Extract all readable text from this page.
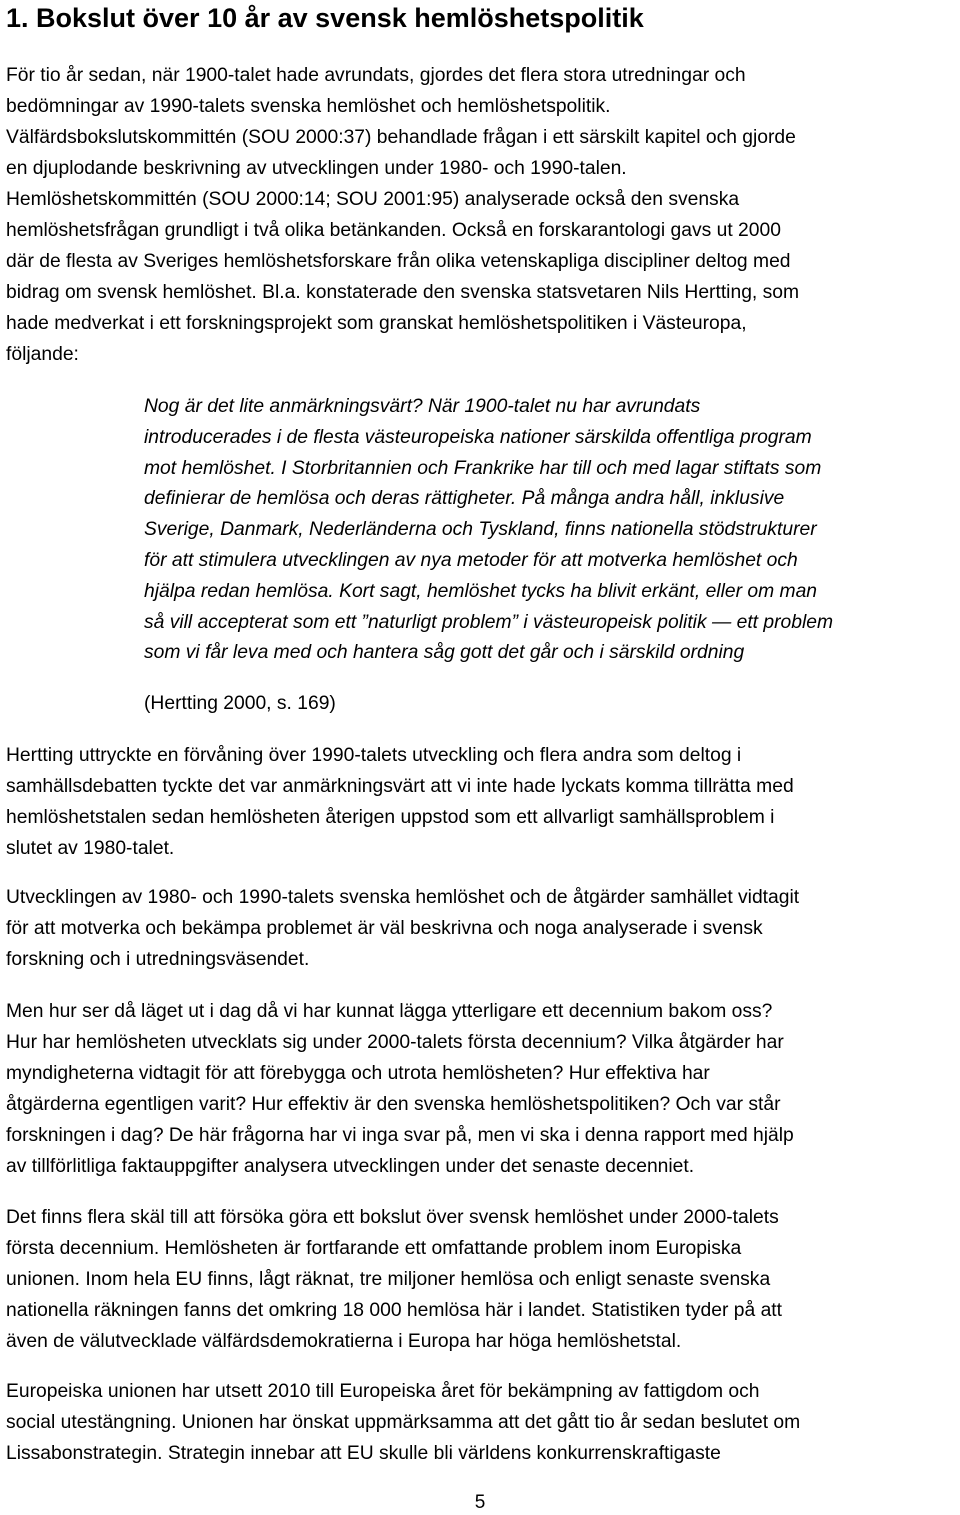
1. Bokslut över 10 år av svensk hemlöshetspolitik

För tio år sedan, när 1900-talet hade avrundats, gjordes det flera stora utredningar och
bedömningar av 1990-talets svenska hemlöshet och hemlöshetspolitik.
Välfärdsbokslutskommittén (SOU 2000:37) behandlade frågan i ett särskilt kapitel och gjorde
en djuplodande beskrivning av utvecklingen under 1980- och 1990-talen.
Hemlöshetskommittén (SOU 2000:14; SOU 2001:95) analyserade också den svenska
hemlöshetsfrågan grundligt i två olika betänkanden. Också en forskarantologi gavs ut 2000
där de flesta av Sveriges hemlöshetsforskare från olika vetenskapliga discipliner deltog med
bidrag om svensk hemlöshet. Bl.a. konstaterade den svenska statsvetaren Nils Hertting, som
hade medverkat i ett forskningsprojekt som granskat hemlöshetspolitiken i Västeuropa,
följande:

Nog är det lite anmärkningsvärt? När 1900-talet nu har avrundats
introducerades i de flesta västeuropeiska nationer särskilda offentliga program
mot hemlöshet. I Storbritannien och Frankrike har till och med lagar stiftats som
definierar de hemlösa och deras rättigheter. På många andra håll, inklusive
Sverige, Danmark, Nederländerna och Tyskland, finns nationella stödstrukturer
för att stimulera utvecklingen av nya metoder för att motverka hemlöshet och
hjälpa redan hemlösa. Kort sagt, hemlöshet tycks ha blivit erkänt, eller om man
så vill accepterat som ett ”naturligt problem” i västeuropeisk politik — ett problem
som vi får leva med och hantera såg gott det går och i särskild ordning
(Hertting 2000, s. 169)

Hertting uttryckte en förvåning över 1990-talets utveckling och flera andra som deltog i
samhällsdebatten tyckte det var anmärkningsvärt att vi inte hade lyckats komma tillrätta med
hemlöshetstalen sedan hemlösheten återigen uppstod som ett allvarligt samhällsproblem i
slutet av 1980-talet.

Utvecklingen av 1980- och 1990-talets svenska hemlöshet och de åtgärder samhället vidtagit
för att motverka och bekämpa problemet är väl beskrivna och noga analyserade i svensk
forskning och i utredningsväsendet.

Men hur ser då läget ut i dag då vi har kunnat lägga ytterligare ett decennium bakom oss?
Hur har hemlösheten utvecklats sig under 2000-talets första decennium? Vilka åtgärder har
myndigheterna vidtagit för att förebygga och utrota hemlösheten? Hur effektiva har
åtgärderna egentligen varit? Hur effektiv är den svenska hemlöshetspolitiken? Och var står
forskningen i dag? De här frågorna har vi inga svar på, men vi ska i denna rapport med hjälp
av tillförlitliga faktauppgifter analysera utvecklingen under det senaste decenniet.

Det finns flera skäl till att försöka göra ett bokslut över svensk hemlöshet under 2000-talets
första decennium. Hemlösheten är fortfarande ett omfattande problem inom Europiska
unionen. Inom hela EU finns, lågt räknat, tre miljoner hemlösa och enligt senaste svenska
nationella räkningen fanns det omkring 18 000 hemlösa här i landet. Statistiken tyder på att
även de välutvecklade välfärdsdemokratierna i Europa har höga hemlöshetstal.

Europeiska unionen har utsett 2010 till Europeiska året för bekämpning av fattigdom och
social utestängning. Unionen har önskat uppmärksamma att det gått tio år sedan beslutet om
Lissabonstrategin. Strategin innebar att EU skulle bli världens konkurrenskraftigaste

5
